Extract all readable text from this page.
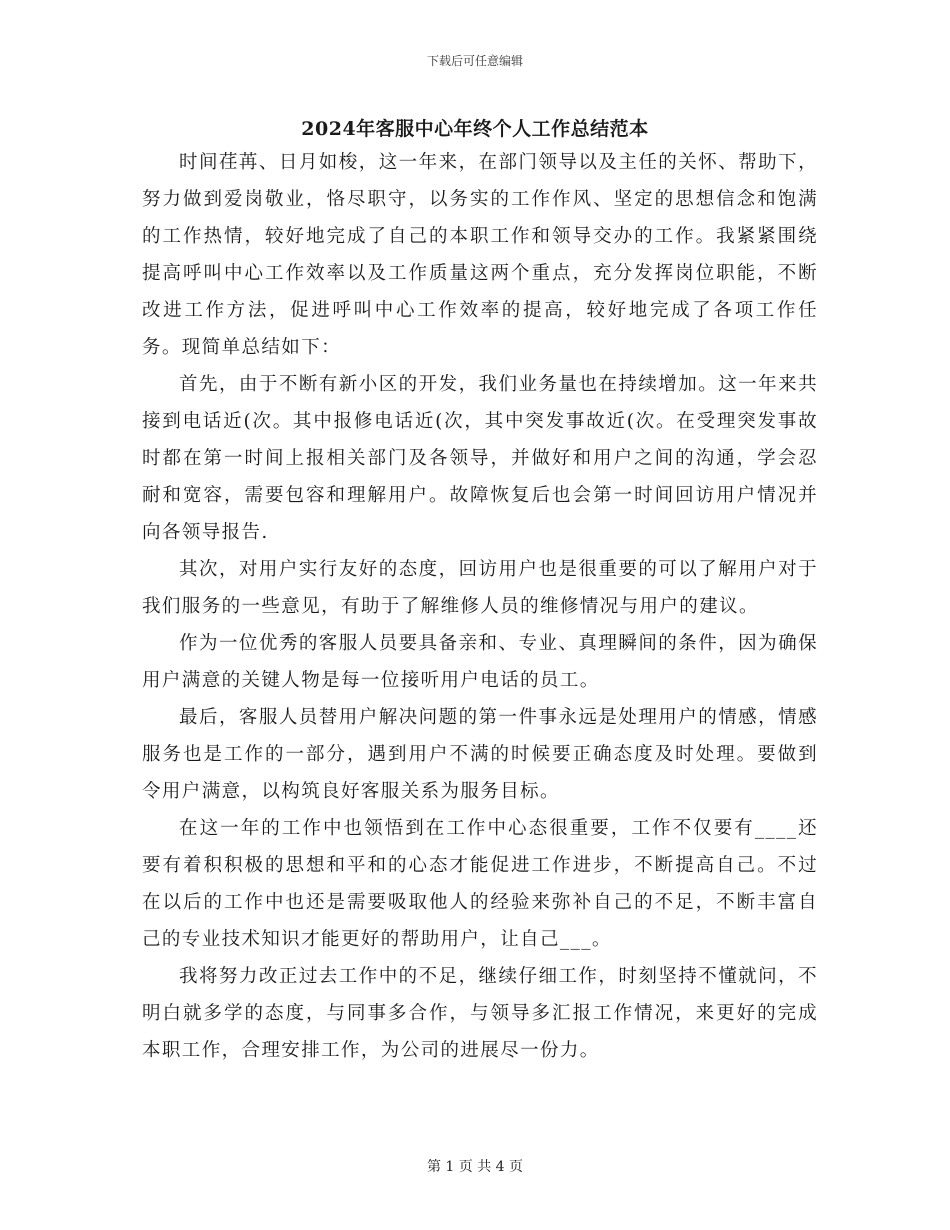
下载后可任意编辑
2024年客服中心年终个人工作总结范本

时间荏苒、日月如梭，这一年来，在部门领导以及主任的关怀、帮助下，努力做到爱岗敬业，恪尽职守，以务实的工作作风、坚定的思想信念和饱满的工作热情，较好地完成了自己的本职工作和领导交办的工作。我紧紧围绕提高呼叫中心工作效率以及工作质量这两个重点，充分发挥岗位职能，不断改进工作方法，促进呼叫中心工作效率的提高，较好地完成了各项工作任务。现简单总结如下：

首先，由于不断有新小区的开发，我们业务量也在持续增加。这一年来共接到电话近(次。其中报修电话近(次，其中突发事故近(次。在受理突发事故时都在第一时间上报相关部门及各领导，并做好和用户之间的沟通，学会忍耐和宽容，需要包容和理解用户。故障恢复后也会第一时间回访用户情况并向各领导报告.

其次，对用户实行友好的态度，回访用户也是很重要的可以了解用户对于我们服务的一些意见，有助于了解维修人员的维修情况与用户的建议。

作为一位优秀的客服人员要具备亲和、专业、真理瞬间的条件，因为确保用户满意的关键人物是每一位接听用户电话的员工。

最后，客服人员替用户解决问题的第一件事永远是处理用户的情感，情感服务也是工作的一部分，遇到用户不满的时候要正确态度及时处理。要做到令用户满意，以构筑良好客服关系为服务目标。

在这一年的工作中也领悟到在工作中心态很重要，工作不仅要有____还要有着积积极的思想和平和的心态才能促进工作进步，不断提高自己。不过在以后的工作中也还是需要吸取他人的经验来弥补自己的不足，不断丰富自己的专业技术知识才能更好的帮助用户，让自己___。

我将努力改正过去工作中的不足，继续仔细工作，时刻坚持不懂就问，不明白就多学的态度，与同事多合作，与领导多汇报工作情况，来更好的完成本职工作，合理安排工作，为公司的进展尽一份力。

第 1 页 共 4 页
